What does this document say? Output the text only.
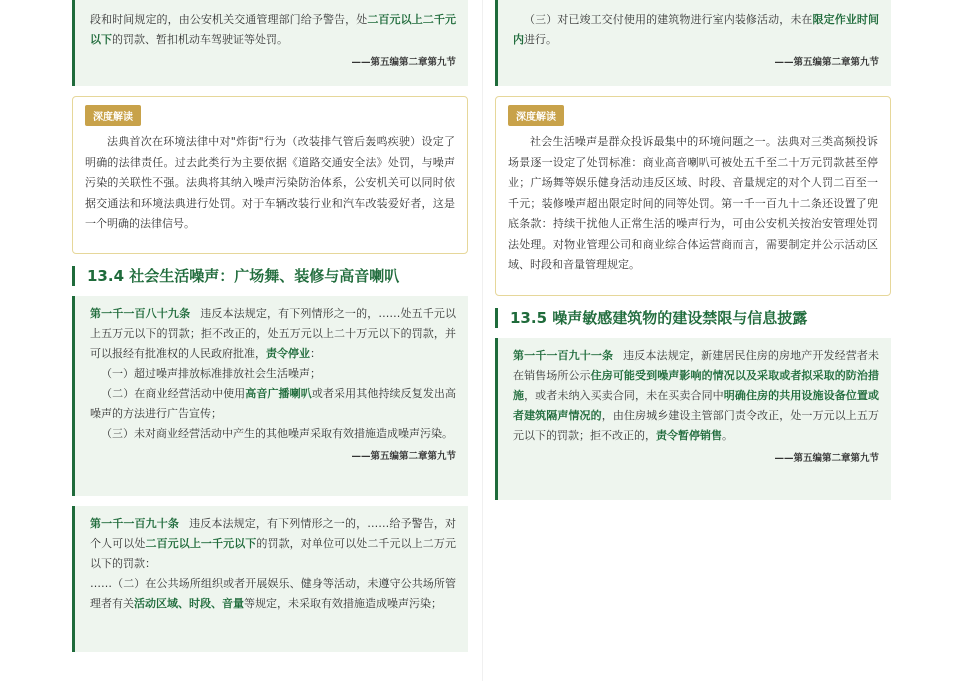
段和时间规定的，由公安机关交通管理部门给予警告，处二百元以上二千元以下的罚款、暂扣机动车驾驶证等处罚。

——第五编第二章第九节
深度解读

法典首次在环境法律中对"炸街"行为（改装排气管后轰鸣疾驶）设定了明确的法律责任。过去此类行为主要依据《道路交通安全法》处罚，与噪声污染的关联性不强。法典将其纳入噪声污染防治体系，公安机关可以同时依据交通法和环境法典进行处罚。对于车辆改装行业和汽车改装爱好者，这是一个明确的法律信号。

13.4 社会生活噪声：广场舞、装修与高音喇叭

第一千一百八十九条 违反本法规定，有下列情形之一的，……处五千元以上五万元以下的罚款；拒不改正的，处五万元以上二十万元以下的罚款，并可以报经有批准权的人民政府批准，责令停业：

（一）超过噪声排放标准排放社会生活噪声；

（二）在商业经营活动中使用高音广播喇叭或者采用其他持续反复发出高噪声的方法进行广告宣传；

（三）未对商业经营活动中产生的其他噪声采取有效措施造成噪声污染。

——第五编第二章第九节

第一千一百九十条 违反本法规定，有下列情形之一的，……给予警告，对个人可以处二百元以上一千元以下的罚款，对单位可以处二千元以上二万元以下的罚款：

……（二）在公共场所组织或者开展娱乐、健身等活动，未遵守公共场所管理者有关活动区域、时段、音量等规定，未采取有效措施造成噪声污染；

（三）对已竣工交付使用的建筑物进行室内装修活动，未在限定作业时间内进行。

——第五编第二章第九节
深度解读

社会生活噪声是群众投诉最集中的环境问题之一。法典对三类高频投诉场景逐一设定了处罚标准：商业高音喇叭可被处五千至二十万元罚款甚至停业；广场舞等娱乐健身活动违反区域、时段、音量规定的对个人罚二百至一千元；装修噪声超出限定时间的同等处罚。第一千一百九十二条还设置了兜底条款：持续干扰他人正常生活的噪声行为，可由公安机关按治安管理处罚法处理。对物业管理公司和商业综合体运营商而言，需要制定并公示活动区域、时段和音量管理规定。

13.5 噪声敏感建筑物的建设禁限与信息披露

第一千一百九十一条 违反本法规定，新建居民住房的房地产开发经营者未在销售场所公示住房可能受到噪声影响的情况以及采取或者拟采取的防治措施，或者未纳入买卖合同，未在买卖合同中明确住房的共用设施设备位置或者建筑隔声情况的，由住房城乡建设主管部门责令改正，处一万元以上五万元以下的罚款；拒不改正的，责令暂停销售。

——第五编第二章第九节
